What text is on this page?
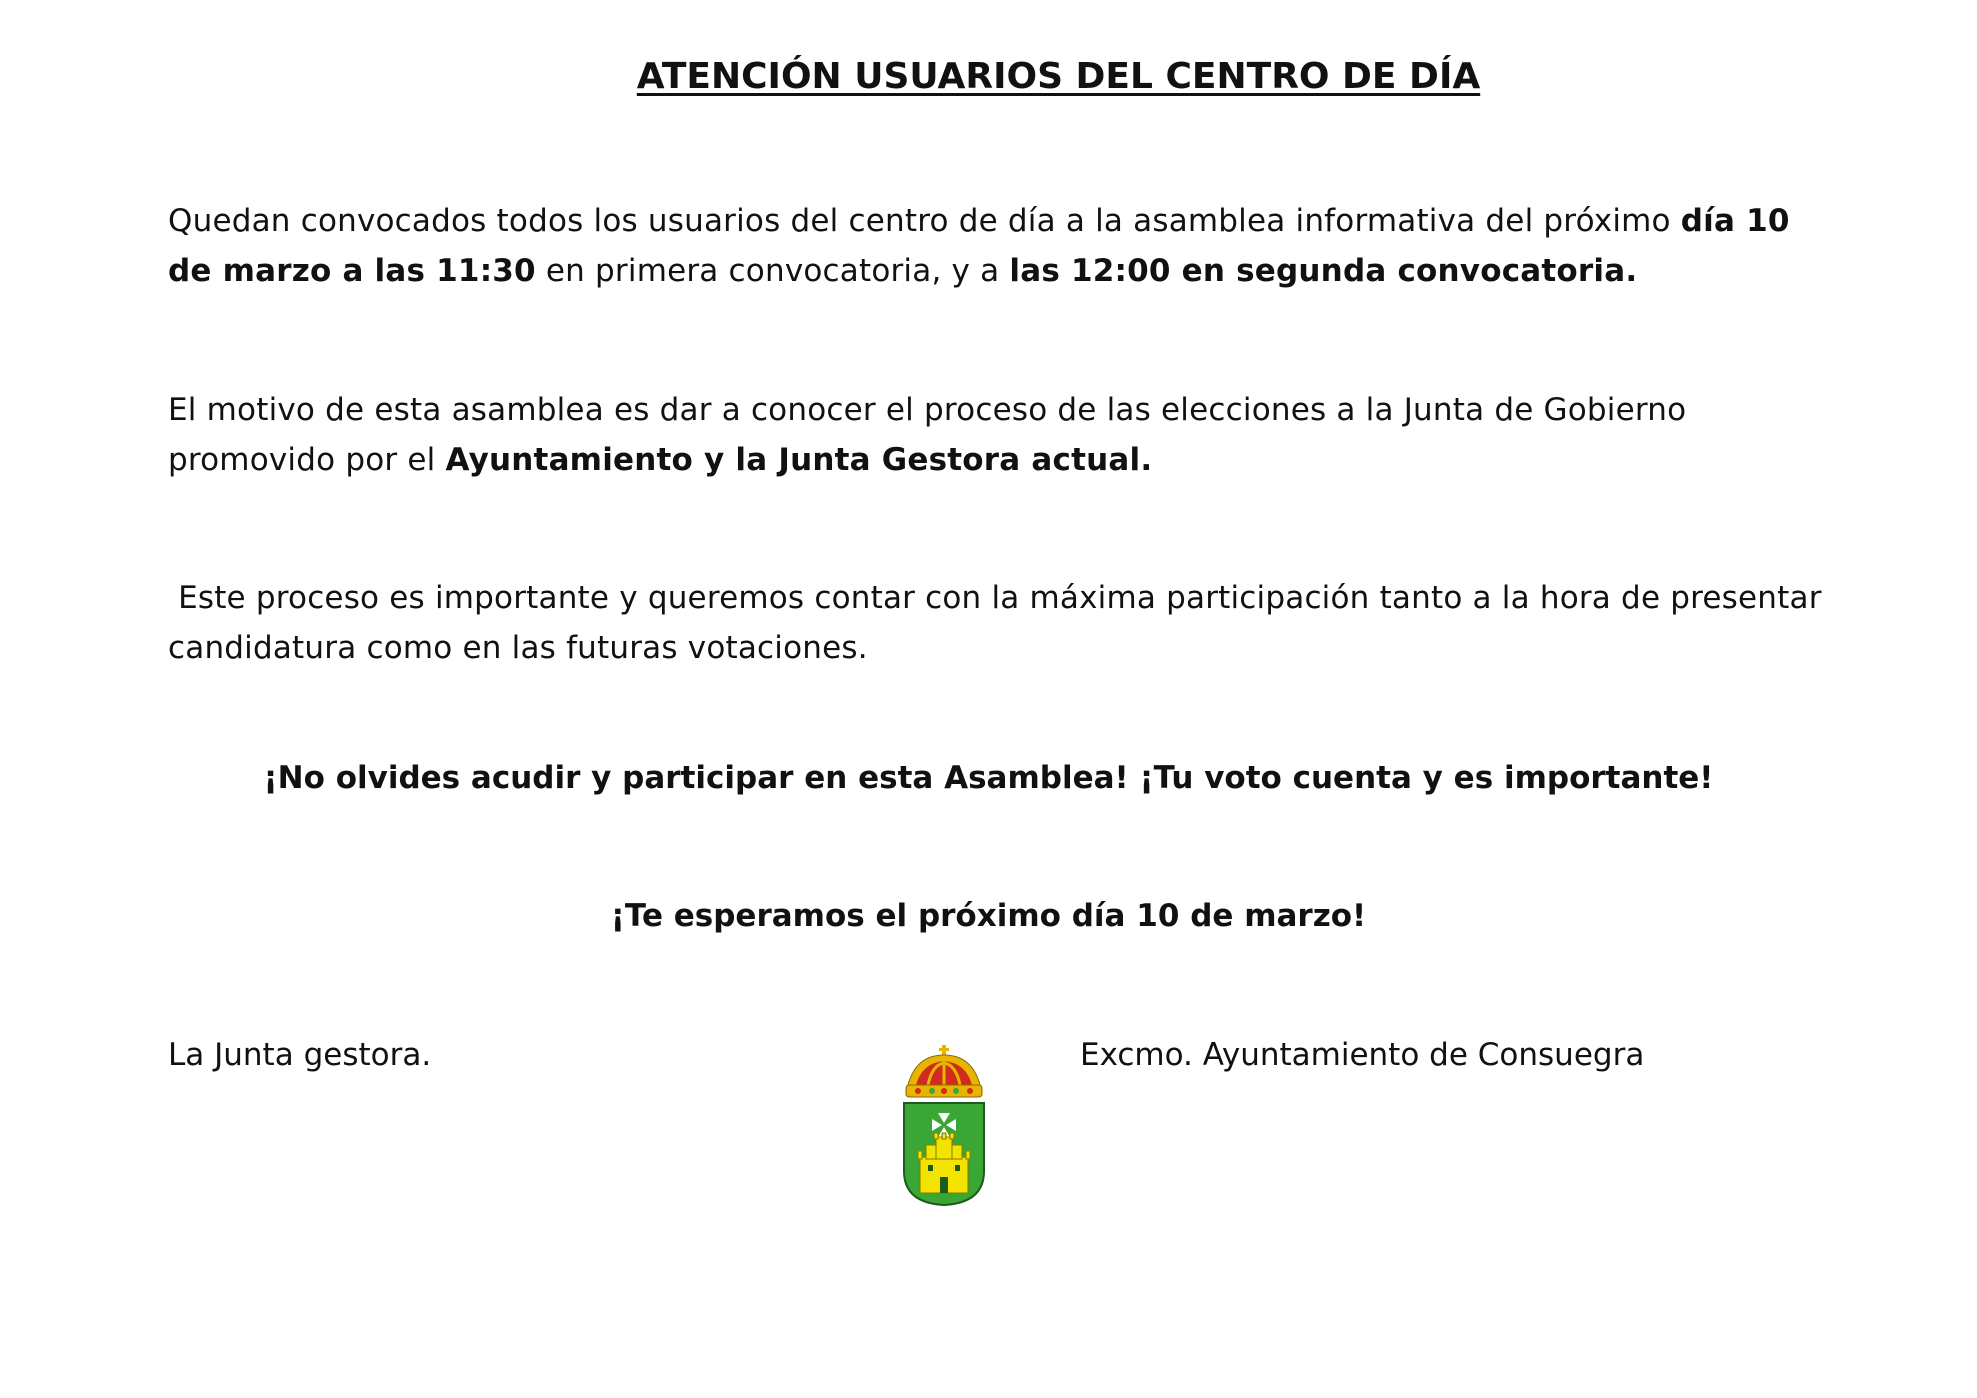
ATENCIÓN USUARIOS DEL CENTRO DE DÍA
Quedan convocados todos los usuarios del centro de día a la asamblea informativa del próximo día 10 de marzo a las 11:30 en primera convocatoria, y a las 12:00 en segunda convocatoria.
El motivo de esta asamblea es dar a conocer el proceso de las elecciones a la Junta de Gobierno promovido por el Ayuntamiento y la Junta Gestora actual.
Este proceso es importante y queremos contar con la máxima participación tanto a la hora de presentar candidatura como en las futuras votaciones.
¡No olvides acudir y participar en esta Asamblea! ¡Tu voto cuenta y es importante!
¡Te esperamos el próximo día 10 de marzo!
La Junta gestora.	Excmo. Ayuntamiento de Consuegra
